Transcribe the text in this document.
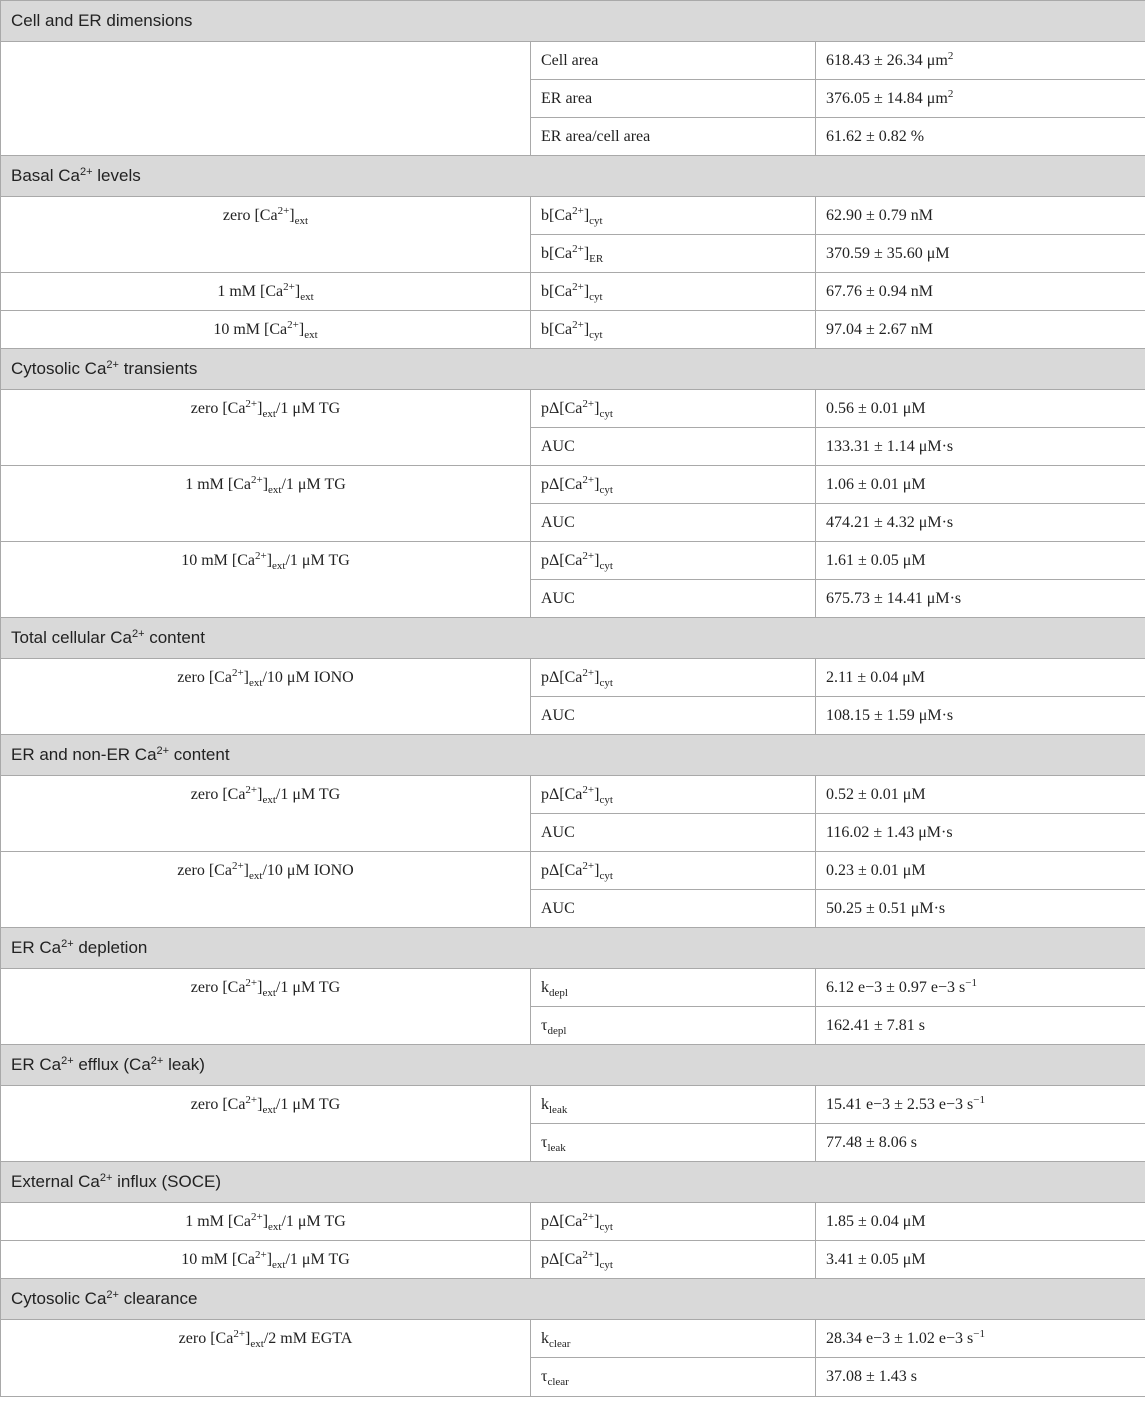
Cell and ER dimensions		
	Cell area	618.43 ± 26.34 $\mu m^2$
	ER area	376.05 ± 14.84 $\mu m^2$
	ER area/cell area	61.62 ± 0.82 %
Basal $Ca^{2+}$ levels		
zero $[Ca^{2+}]_{ext}$	$b[Ca^{2+}]_{cyt}$	62.90 ± 0.79 nM
	$b[Ca^{2+}]_{ER}$	370.59 ± 35.60 μM
1 mM $[Ca^{2+}]_{ext}$	$b[Ca^{2+}]_{cyt}$	67.76 ± 0.94 nM
10 mM $[Ca^{2+}]_{ext}$	$b[Ca^{2+}]_{cyt}$	97.04 ± 2.67 nM
Cytosolic $Ca^{2+}$ transients		
zero $[Ca^{2+}]_{ext}/1$ μM TG	$p\Delta[Ca^{2+}]_{cyt}$	0.56 ± 0.01 μM
	AUC	133.31 ± 1.14 μM·s
1 mM $[Ca^{2+}]_{ext}/1$ μM TG	$p\Delta[Ca^{2+}]_{cyt}$	1.06 ± 0.01 μM
	AUC	474.21 ± 4.32 μM·s
10 mM $[Ca^{2+}]_{ext}/1$ μM TG	$p\Delta[Ca^{2+}]_{cyt}$	1.61 ± 0.05 μM
	AUC	675.73 ± 14.41 μM·s
Total cellular $Ca^{2+}$ content		
zero $[Ca^{2+}]_{ext}/10$ μM IONO	$p\Delta[Ca^{2+}]_{cyt}$	2.11 ± 0.04 μM
	AUC	108.15 ± 1.59 μM·s
ER and non-ER $Ca^{2+}$ content		
zero $[Ca^{2+}]_{ext}/1$ μM TG	$p\Delta[Ca^{2+}]_{cyt}$	0.52 ± 0.01 μM
	AUC	116.02 ± 1.43 μM·s
zero $[Ca^{2+}]_{ext}/10$ μM IONO	$p\Delta[Ca^{2+}]_{cyt}$	0.23 ± 0.01 μM
	AUC	50.25 ± 0.51 μM·s
ER $Ca^{2+}$ depletion		
zero $[Ca^{2+}]_{ext}/1$ μM TG	$k_{depl}$	6.12 e−3 ± 0.97 e−3 $s^{-1}$
	$\tau_{depl}$	162.41 ± 7.81 s
ER $Ca^{2+}$ efflux ($Ca^{2+}$ leak)		
zero $[Ca^{2+}]_{ext}/1$ μM TG	$k_{leak}$	15.41 e−3 ± 2.53 e−3 $s^{-1}$
	$\tau_{leak}$	77.48 ± 8.06 s
External $Ca^{2+}$ influx (SOCE)		
1 mM $[Ca^{2+}]_{ext}/1$ μM TG	$p\Delta[Ca^{2+}]_{cyt}$	1.85 ± 0.04 μM
10 mM $[Ca^{2+}]_{ext}/1$ μM TG	$p\Delta[Ca^{2+}]_{cyt}$	3.41 ± 0.05 μM
Cytosolic $Ca^{2+}$ clearance		
zero $[Ca^{2+}]_{ext}/2$ mM EGTA	$k_{clear}$	28.34 e−3 ± 1.02 e−3 $s^{-1}$
	$\tau_{clear}$	37.08 ± 1.43 s
